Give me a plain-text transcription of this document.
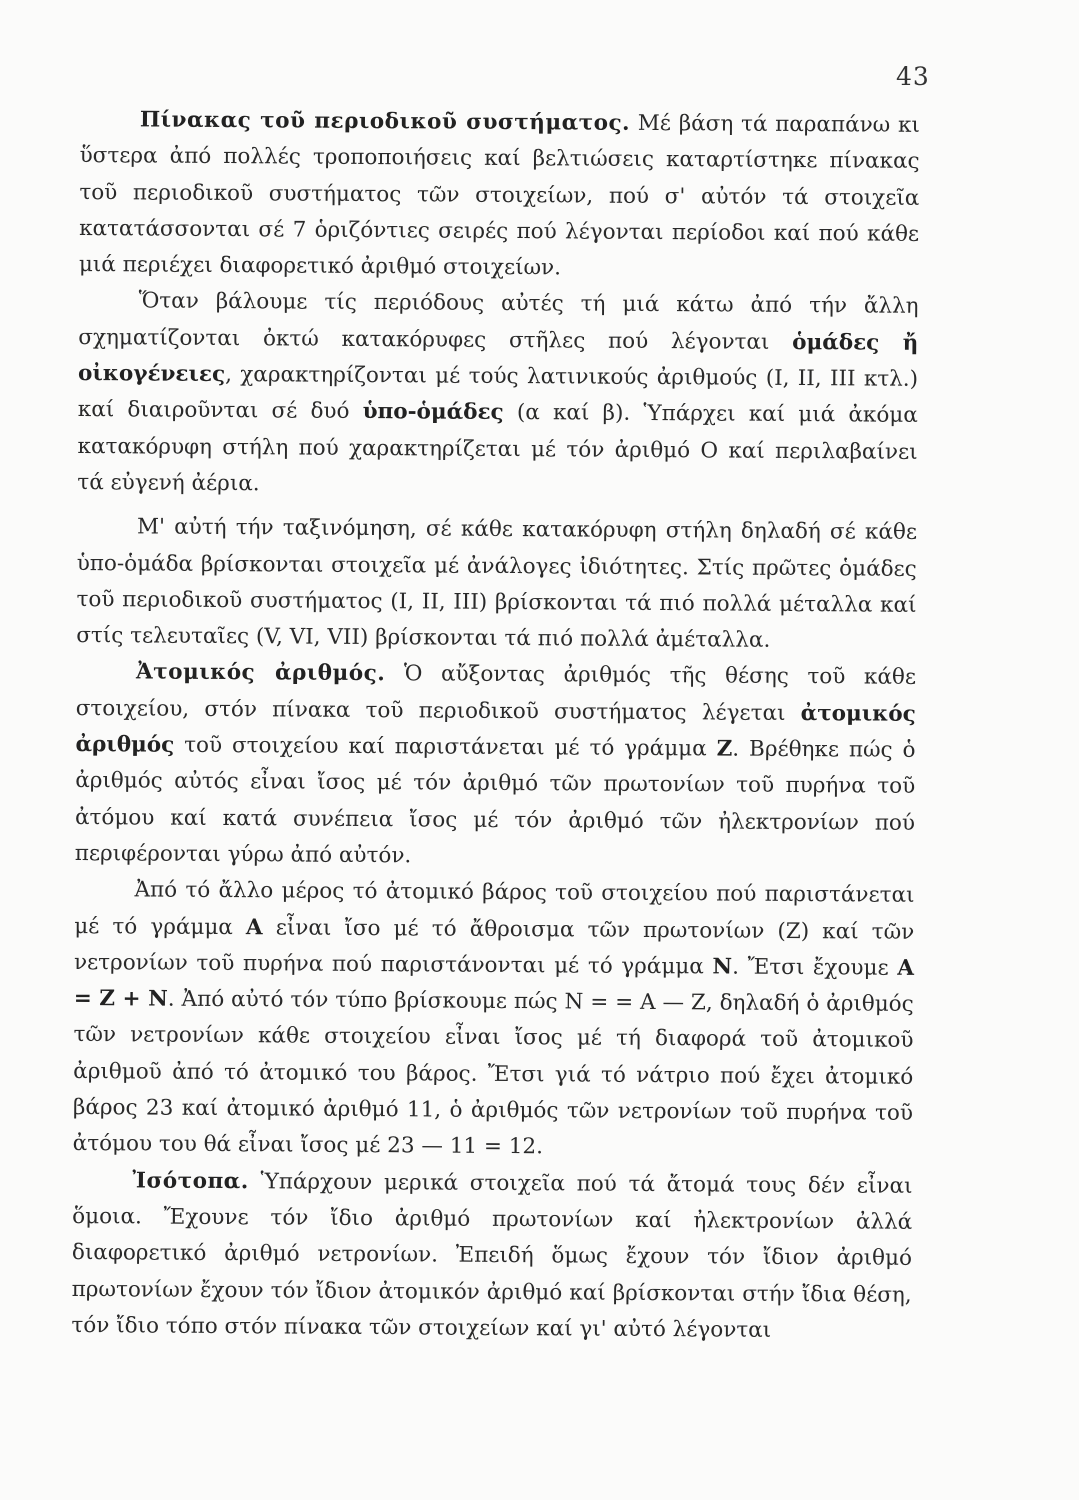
43

Πίνακας τοῦ περιοδικοῦ συστήματος. Μέ βάση τά παραπάνω κι ὕστερα ἀπό πολλές τροποποιήσεις καί βελτιώσεις καταρτίστηκε πίνακας τοῦ περιοδικοῦ συστήματος τῶν στοιχείων, πού σ' αὐτόν τά στοιχεῖα κατατάσσονται σέ 7 ὁριζόντιες σειρές πού λέγονται περίοδοι καί πού κάθε μιά περιέχει διαφορετικό ἀριθμό στοιχείων.

Ὅταν βάλουμε τίς περιόδους αὐτές τή μιά κάτω ἀπό τήν ἄλλη σχηματίζονται ὀκτώ κατακόρυφες στῆλες πού λέγονται ὁμάδες ἤ οἰκογένειες, χαρακτηρίζονται μέ τούς λατινικούς ἀριθμούς (Ι, ΙΙ, ΙΙΙ κτλ.) καί διαιροῦνται σέ δυό ὑπο-ὁμάδες (α καί β). Ὑπάρχει καί μιά ἀκόμα κατακόρυφη στήλη πού χαρακτηρίζεται μέ τόν ἀριθμό Ο καί περιλαβαίνει τά εὐγενή ἀέρια.

Μ' αὐτή τήν ταξινόμηση, σέ κάθε κατακόρυφη στήλη δηλαδή σέ κάθε ὑπο-ὁμάδα βρίσκονται στοιχεῖα μέ ἀνάλογες ἰδιότητες. Στίς πρῶτες ὁμάδες τοῦ περιοδικοῦ συστήματος (Ι, ΙΙ, ΙΙΙ) βρίσκονται τά πιό πολλά μέταλλα καί στίς τελευταῖες (V, VI, VII) βρίσκονται τά πιό πολλά ἀμέταλλα.

Ἀτομικός ἀριθμός. Ὁ αὔξοντας ἀριθμός τῆς θέσης τοῦ κάθε στοιχείου, στόν πίνακα τοῦ περιοδικοῦ συστήματος λέγεται ἀτομικός ἀριθμός τοῦ στοιχείου καί παριστάνεται μέ τό γράμμα Ζ. Βρέθηκε πώς ὁ ἀριθμός αὐτός εἶναι ἴσος μέ τόν ἀριθμό τῶν πρωτονίων τοῦ πυρήνα τοῦ ἀτόμου καί κατά συνέπεια ἴσος μέ τόν ἀριθμό τῶν ἠλεκτρονίων πού περιφέρονται γύρω ἀπό αὐτόν.

Ἀπό τό ἄλλο μέρος τό ἀτομικό βάρος τοῦ στοιχείου πού παριστάνεται μέ τό γράμμα Α εἶναι ἴσο μέ τό ἄθροισμα τῶν πρωτονίων (Ζ) καί τῶν νετρονίων τοῦ πυρήνα πού παριστάνονται μέ τό γράμμα Ν. Ἔτσι ἔχουμε Α = Ζ + Ν. Ἀπό αὐτό τόν τύπο βρίσκουμε πώς Ν = = Α — Ζ, δηλαδή ὁ ἀριθμός τῶν νετρονίων κάθε στοιχείου εἶναι ἴσος μέ τή διαφορά τοῦ ἀτομικοῦ ἀριθμοῦ ἀπό τό ἀτομικό του βάρος. Ἔτσι γιά τό νάτριο πού ἔχει ἀτομικό βάρος 23 καί ἀτομικό ἀριθμό 11, ὁ ἀριθμός τῶν νετρονίων τοῦ πυρήνα τοῦ ἀτόμου του θά εἶναι ἴσος μέ 23 — 11 = 12.

Ἰσότοπα. Ὑπάρχουν μερικά στοιχεῖα πού τά ἄτομά τους δέν εἶναι ὅμοια. Ἔχουνε τόν ἴδιο ἀριθμό πρωτονίων καί ἠλεκτρονίων ἀλλά διαφορετικό ἀριθμό νετρονίων. Ἐπειδή ὅμως ἔχουν τόν ἴδιον ἀριθμό πρωτονίων ἔχουν τόν ἴδιον ἀτομικόν ἀριθμό καί βρίσκονται στήν ἴδια θέση, τόν ἴδιο τόπο στόν πίνακα τῶν στοιχείων καί γι' αὐτό λέγονται
